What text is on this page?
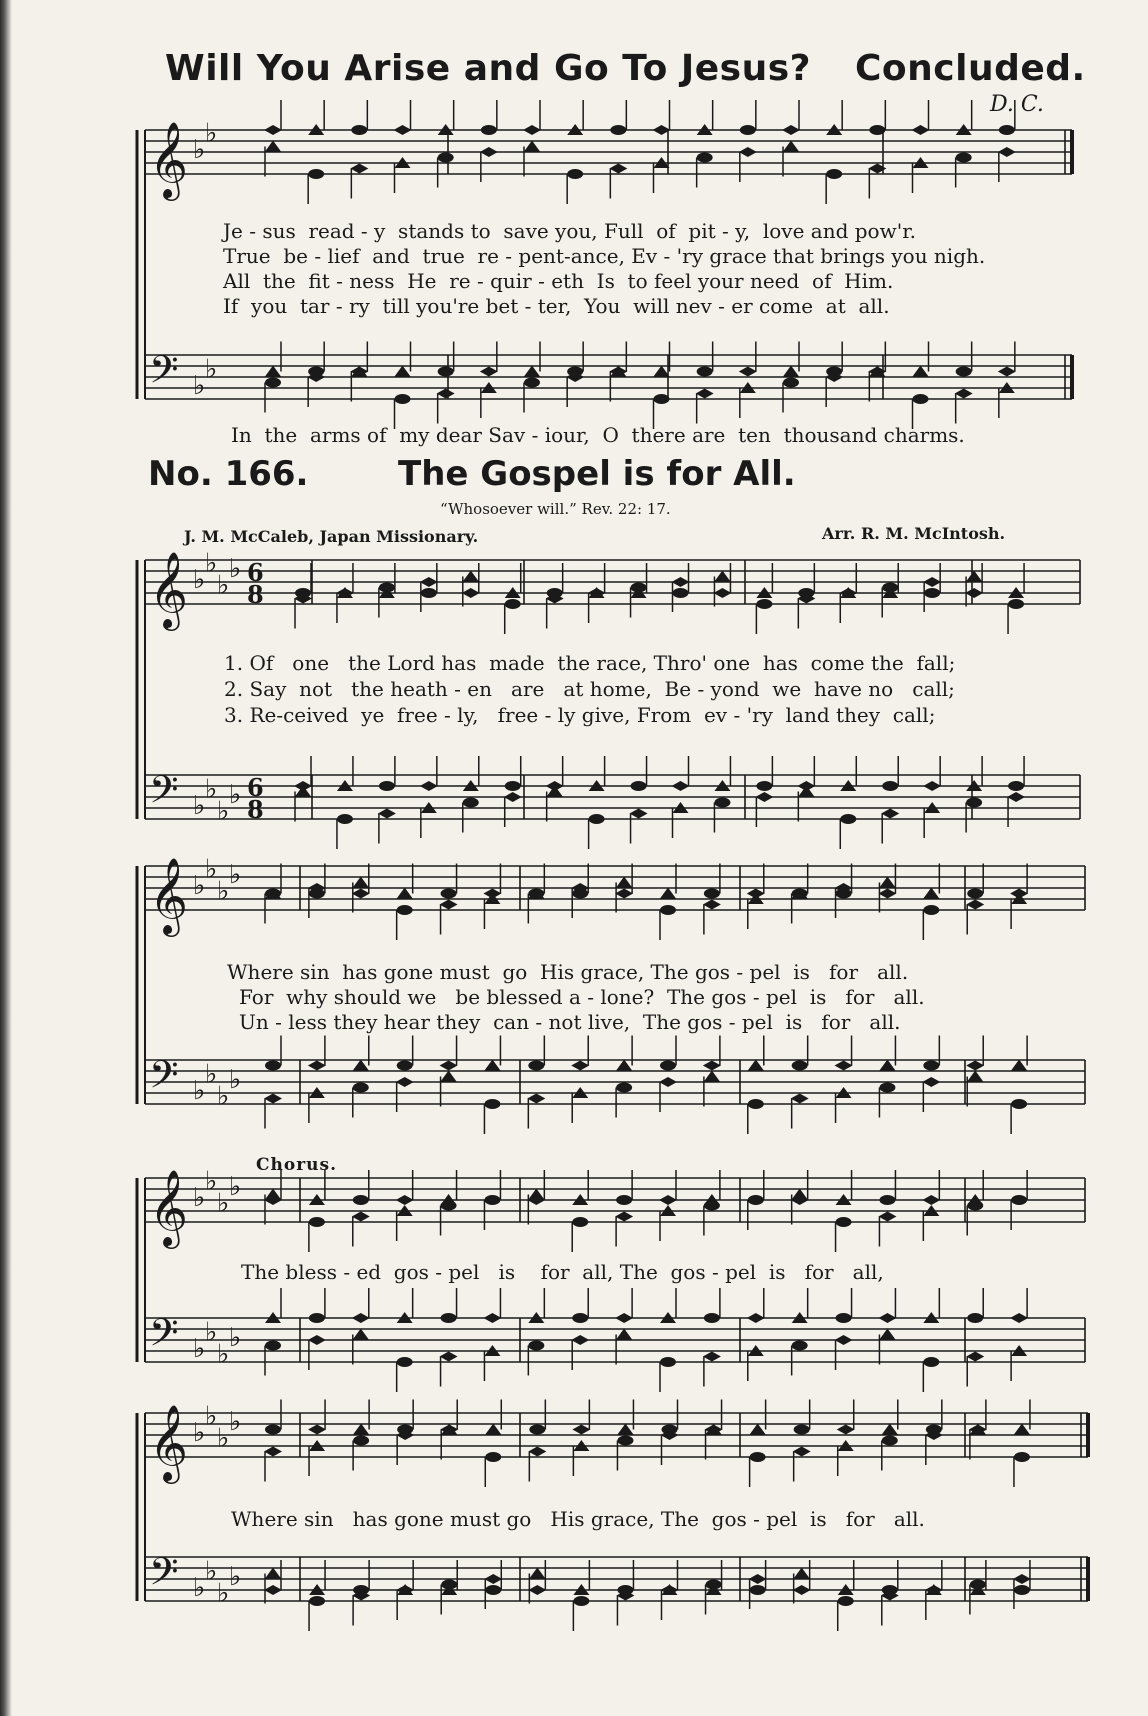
Will You Arise and Go To Jesus? Concluded.
D. C.
𝄞 ♭
♭
𝄢 ♭
♭
𝄞 ♭
♭
♭
♭ 6
8
𝄢 ♭
♭
♭
♭ 6
8
𝄞 ♭
♭
♭
♭
𝄢 ♭
♭
♭
♭
𝄞 ♭
♭
♭
♭
𝄢 ♭
♭
♭
♭
𝄞 ♭
♭
♭
♭
𝄢 ♭
♭
♭
♭
Je - sus  read - y  stands to  save you, Full  of  pit - y,  love and pow'r.
True  be - lief  and  true  re - pent-ance, Ev - 'ry grace that brings you nigh.
All  the  fit - ness  He  re - quir - eth  Is  to feel your need  of  Him.
If  you  tar - ry  till you're bet - ter,  You  will nev - er come  at  all.
In  the  arms of  my dear Sav - iour,  O  there are  ten  thousand charms.
No. 166.	The Gospel is for All.
“Whosoever will.” Rev. 22: 17.
J. M. McCaleb, Japan Missionary.	Arr. R. M. McIntosh.
1. Of   one   the Lord has  made  the race, Thro' one  has  come the  fall;
2. Say  not   the heath - en   are   at home,  Be - yond  we  have no   call;
3. Re-ceived  ye  free - ly,   free - ly give, From  ev - 'ry  land they  call;
Where sin  has gone must  go  His grace, The gos - pel  is   for   all.
For  why should we   be blessed a - lone?  The gos - pel  is   for   all.
Un - less they hear they  can - not live,  The gos - pel  is   for   all.
Chorus.
The bless - ed  gos - pel   is    for  all, The  gos - pel  is   for   all,
Where sin   has gone must go   His grace, The  gos - pel  is   for   all.
